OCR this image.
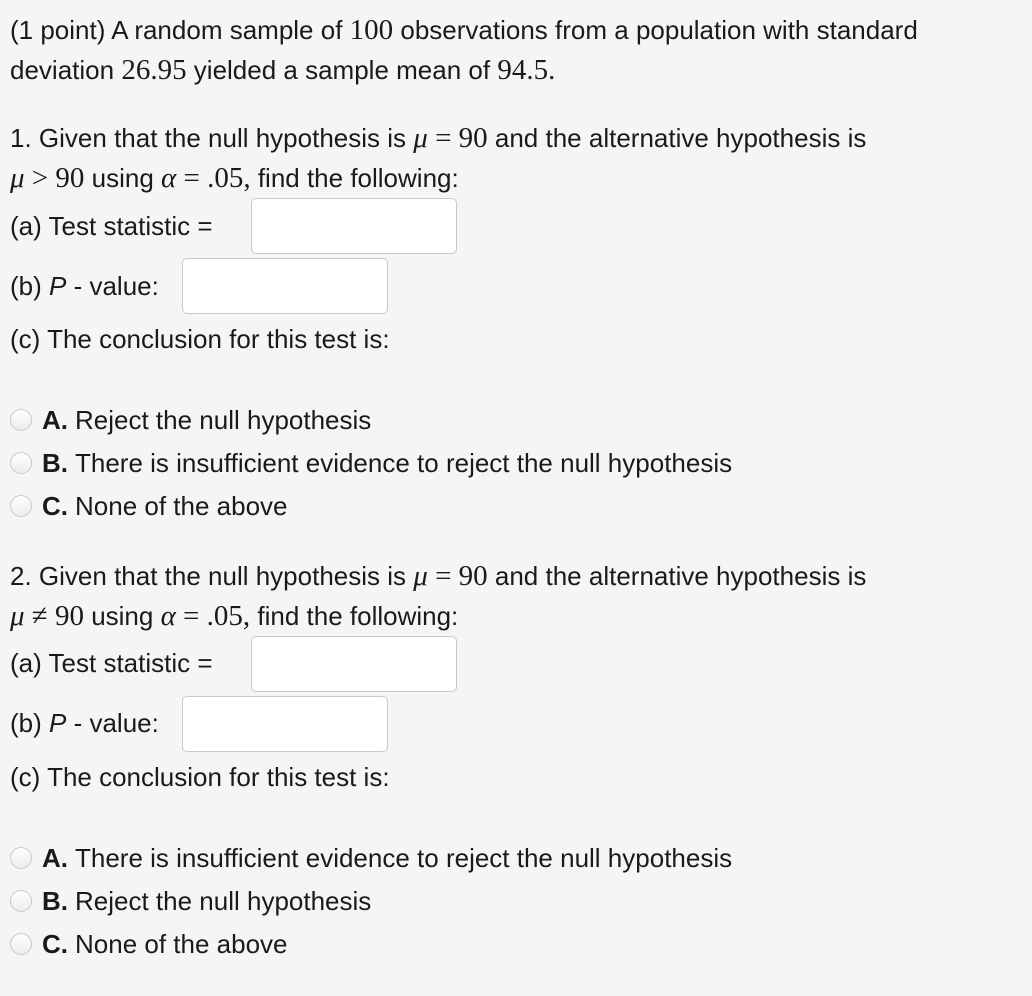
(1 point) A random sample of 100 observations from a population with standard
deviation 26.95 yielded a sample mean of 94.5.
1. Given that the null hypothesis is μ = 90 and the alternative hypothesis is
μ > 90 using α = .05, find the following:
(a) Test statistic =
(b) P - value:
(c) The conclusion for this test is:
A. Reject the null hypothesis
B. There is insufficient evidence to reject the null hypothesis
C. None of the above
2. Given that the null hypothesis is μ = 90 and the alternative hypothesis is
μ ≠ 90 using α = .05, find the following:
(a) Test statistic =
(b) P - value:
(c) The conclusion for this test is:
A. There is insufficient evidence to reject the null hypothesis
B. Reject the null hypothesis
C. None of the above
